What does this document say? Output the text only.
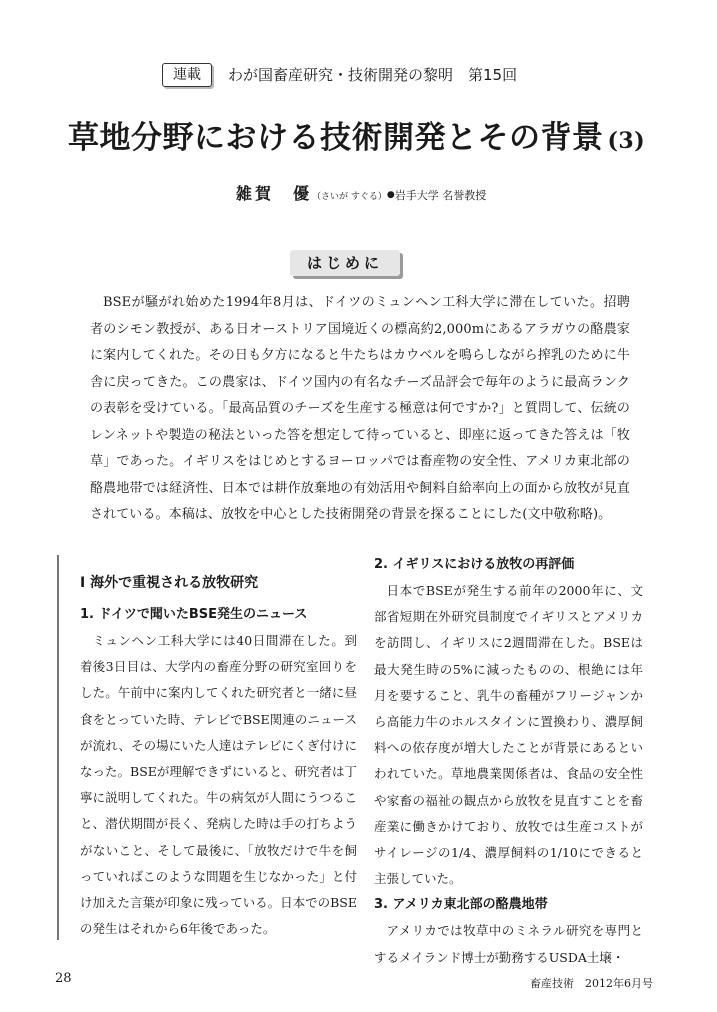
連載	わが国畜産研究・技術開発の黎明　第15回
草地分野における技術開発とその背景 (3)
雑賀　優（さいが すぐる）●岩手大学 名誉教授
はじめに

BSEが騒がれ始めた1994年8月は、ドイツのミュンヘン工科大学に滞在していた。招聘者のシモン教授が、ある日オーストリア国境近くの標高約2,000mにあるアラガウの酪農家に案内してくれた。その日も夕方になると牛たちはカウベルを鳴らしながら搾乳のために牛舎に戻ってきた。この農家は、ドイツ国内の有名なチーズ品評会で毎年のように最高ランクの表彰を受けている。「最高品質のチーズを生産する極意は何ですか?」と質問して、伝統のレンネットや製造の秘法といった答を想定して待っていると、即座に返ってきた答えは「牧草」であった。イギリスをはじめとするヨーロッパでは畜産物の安全性、アメリカ東北部の酪農地帯では経済性、日本では耕作放棄地の有効活用や飼料自給率向上の面から放牧が見直されている。本稿は、放牧を中心とした技術開発の背景を探ることにした(文中敬称略)。

Ⅰ 海外で重視される放牧研究
1. ドイツで聞いたBSE発生のニュース

ミュンヘン工科大学には40日間滞在した。到着後3日目は、大学内の畜産分野の研究室回りをした。午前中に案内してくれた研究者と一緒に昼食をとっていた時、テレビでBSE関連のニュースが流れ、その場にいた人達はテレビにくぎ付けになった。BSEが理解できずにいると、研究者は丁寧に説明してくれた。牛の病気が人間にうつること、潜伏期間が長く、発病した時は手の打ちようがないこと、そして最後に、「放牧だけで牛を飼っていればこのような問題を生じなかった」と付け加えた言葉が印象に残っている。日本でのBSEの発生はそれから6年後であった。

2. イギリスにおける放牧の再評価

日本でBSEが発生する前年の2000年に、文部省短期在外研究員制度でイギリスとアメリカを訪問し、イギリスに2週間滞在した。BSEは最大発生時の5%に減ったものの、根絶には年月を要すること、乳牛の畜種がフリージャンから高能力牛のホルスタインに置換わり、濃厚飼料への依存度が増大したことが背景にあるといわれていた。草地農業関係者は、食品の安全性や家畜の福祉の観点から放牧を見直すことを畜産業に働きかけており、放牧では生産コストがサイレージの1/4、濃厚飼料の1/10にできると主張していた。

3. アメリカ東北部の酪農地帯

アメリカでは牧草中のミネラル研究を専門とするメイランド博士が勤務するUSDA土壌・

28	畜産技術　2012年6月号
